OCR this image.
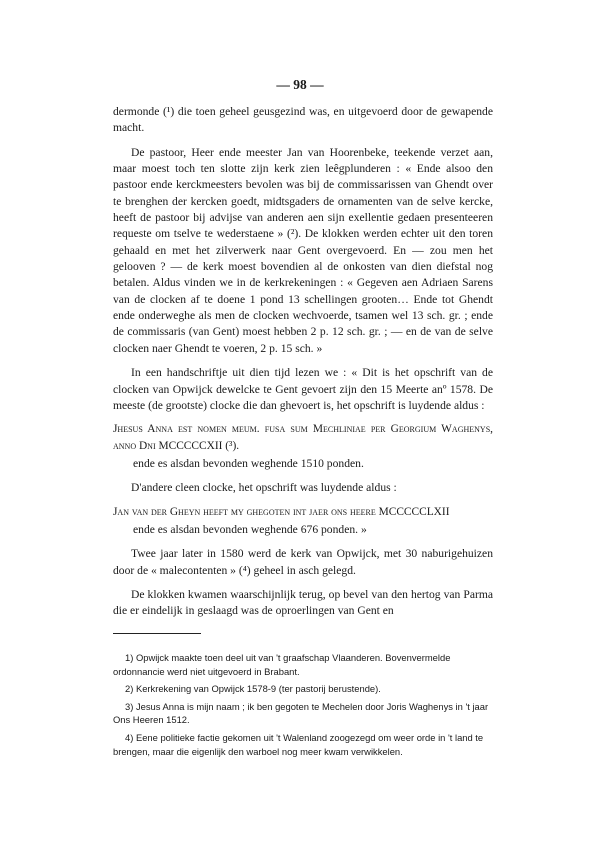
— 98 —

dermonde (¹) die toen geheel geusgezind was, en uitgevoerd door de gewapende macht.

De pastoor, Heer ende meester Jan van Hoorenbeke, teekende verzet aan, maar moest toch ten slotte zijn kerk zien leêgplunderen : « Ende alsoo den pastoor ende kerckmeesters bevolen was bij de commissarissen van Ghendt over te brenghen der kercken goedt, midtsgaders de ornamenten van de selve kercke, heeft de pastoor bij advijse van anderen aen sijn exellentie gedaen presenteeren requeste om tselve te wederstaene » (²). De klokken werden echter uit den toren gehaald en met het zilverwerk naar Gent overgevoerd. En — zou men het gelooven ? — de kerk moest bovendien al de onkosten van dien diefstal nog betalen. Aldus vinden we in de kerkrekeningen : « Gegeven aen Adriaen Sarens van de clocken af te doene 1 pond 13 schellingen grooten… Ende tot Ghendt ende onderweghe als men de clocken wechvoerde, tsamen wel 13 sch. gr. ; ende de commissaris (van Gent) moest hebben 2 p. 12 sch. gr. ; — en de van de selve clocken naer Ghendt te voeren, 2 p. 15 sch. »

In een handschriftje uit dien tijd lezen we : « Dit is het opschrift van de clocken van Opwijck dewelcke te Gent gevoert zijn den 15 Meerte anº 1578. De meeste (de grootste) clocke die dan ghevoert is, het opschrift is luydende aldus :

Jhesus Anna est nomen meum. fusa sum Mechliniae per Georgium Waghenys, anno Dni MCCCCCXII (³).

ende es alsdan bevonden weghende 1510 ponden.

D'andere cleen clocke, het opschrift was luydende aldus :

Jan van der Gheyn heeft my ghegoten int jaer ons heere MCCCCCLXII

ende es alsdan bevonden weghende 676 ponden. »

Twee jaar later in 1580 werd de kerk van Opwijck, met 30 naburigehuizen door de « malecontenten » (⁴) geheel in asch gelegd.

De klokken kwamen waarschijnlijk terug, op bevel van den hertog van Parma die er eindelijk in geslaagd was de oproerlingen van Gent en

1) Opwijck maakte toen deel uit van 't graafschap Vlaanderen. Bovenvermelde ordonnancie werd niet uitgevoerd in Brabant.

2) Kerkrekening van Opwijck 1578-9 (ter pastorij berustende).

3) Jesus Anna is mijn naam ; ik ben gegoten te Mechelen door Joris Waghenys in 't jaar Ons Heeren 1512.

4) Eene politieke factie gekomen uit 't Walenland zoogezegd om weer orde in 't land te brengen, maar die eigenlijk den warboel nog meer kwam verwikkelen.
